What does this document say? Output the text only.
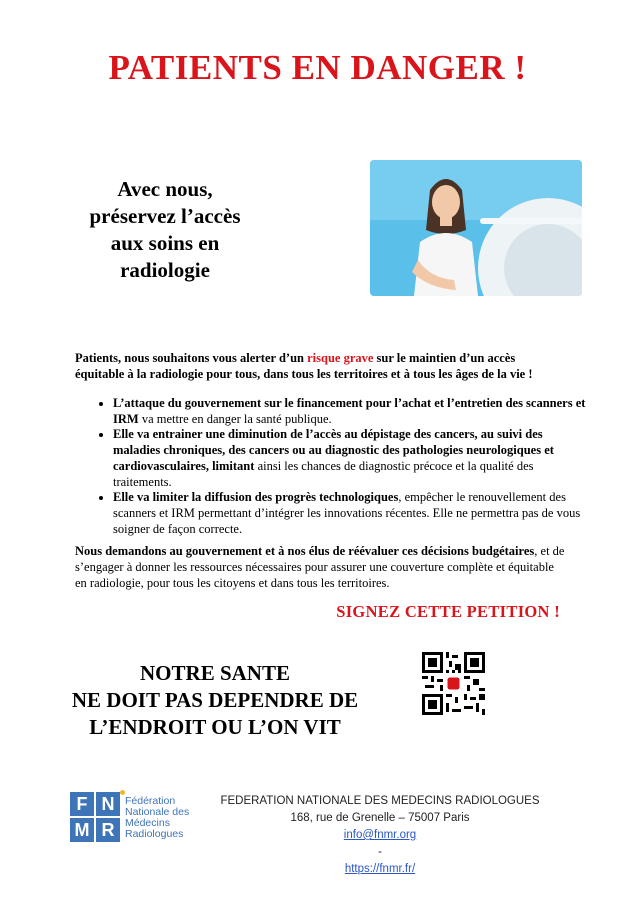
PATIENTS EN DANGER !
Avec nous,
préservez l’accès
aux soins en
radiologie
Patients, nous souhaitons vous alerter d’un risque grave sur le maintien d’un accès équitable à la radiologie pour tous, dans tous les territoires et à tous les âges de la vie !
• L’attaque du gouvernement sur le financement pour l’achat et l’entretien des scanners et IRM va mettre en danger la santé publique.
• Elle va entrainer une diminution de l’accès au dépistage des cancers, au suivi des maladies chroniques, des cancers ou au diagnostic des pathologies neurologiques et cardiovasculaires, limitant ainsi les chances de diagnostic précoce et la qualité des traitements.
• Elle va limiter la diffusion des progrès technologiques, empêcher le renouvellement des scanners et IRM permettant d’intégrer les innovations récentes. Elle ne permettra pas de vous soigner de façon correcte.
Nous demandons au gouvernement et à nos élus de réévaluer ces décisions budgétaires, et de s’engager à donner les ressources nécessaires pour assurer une couverture complète et équitable en radiologie, pour tous les citoyens et dans tous les territoires.
SIGNEZ CETTE PETITION !
NOTRE SANTE
NE DOIT PAS DEPENDRE DE
L’ENDROIT OU L’ON VIT
F N
M R
Fédération
Nationale des
Médecins
Radiologues
FEDERATION NATIONALE DES MEDECINS RADIOLOGUES
168, rue de Grenelle – 75007 Paris
info@fnmr.org
-
https://fnmr.fr/
